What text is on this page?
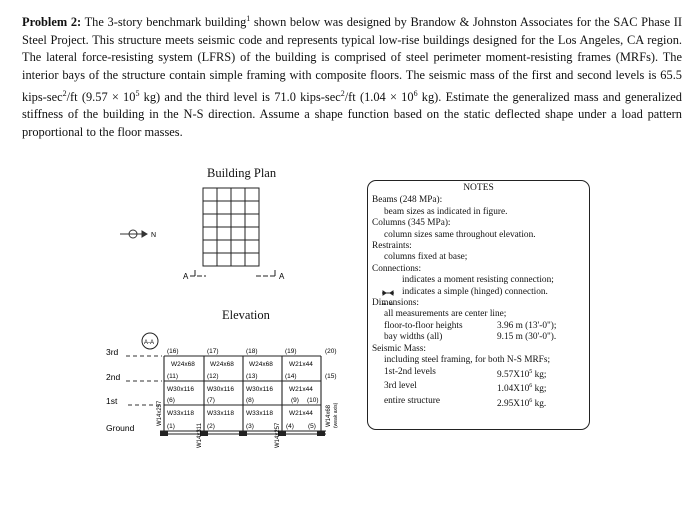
Problem 2: The 3-story benchmark building$^1$ shown below was designed by Brandow & Johnston Associates for the SAC Phase II Steel Project. This structure meets seismic code and represents typical low-rise buildings designed for the Los Angeles, CA region. The lateral force-resisting system (LFRS) of the building is comprised of steel perimeter moment-resisting frames (MRFs). The interior bays of the structure contain simple framing with composite floors. The seismic mass of the first and second levels is 65.5 kips-$\sec^2/ft$ ($9.57 \times 10^5$ kg) and the third level is 71.0 kips-$\sec^2/ft$ ($1.04 \times 10^6$ kg). Estimate the generalized mass and generalized stiffness of the building in the N-S direction. Assume a shape function based on the static deflected shape under a load pattern proportional to the floor masses.
Building Plan
Elevation
N
A	A
A-A
3rd
2nd
1st
Ground
(16)	(17)	(18)	(19)	(20)
(11)	(12)	(13)	(14)	(15)
(6)	(7)	(8)	(9) (10)
(1)	(2)	(3)	(4) (5)
W24x68 W24x68 W24x68 W21x44
W30x116 W30x116 W30x116 W21x44
W33x118 W33x118 W33x118 W21x44
W14x257
W14x311	W14x257
W14x68 (weak axis)
NOTES
Beams (248 MPa):
beam sizes as indicated in figure.
Columns (345 MPa):
column sizes same throughout elevation.
Restraints:
columns fixed at base;
Connections:
indicates a moment resisting connection;
indicates a simple (hinged) connection.
Dimensions:
all measurements are center line;
floor-to-floor heights	3.96 m (13'-0");
bay widths (all)	9.15 m (30'-0").
Seismic Mass:
including steel framing, for both N-S MRFs;
1st-2nd levels	$9.57X10^5$ kg;
3rd level	$1.04X10^6$ kg;
entire structure	$2.95X10^6$ kg.
